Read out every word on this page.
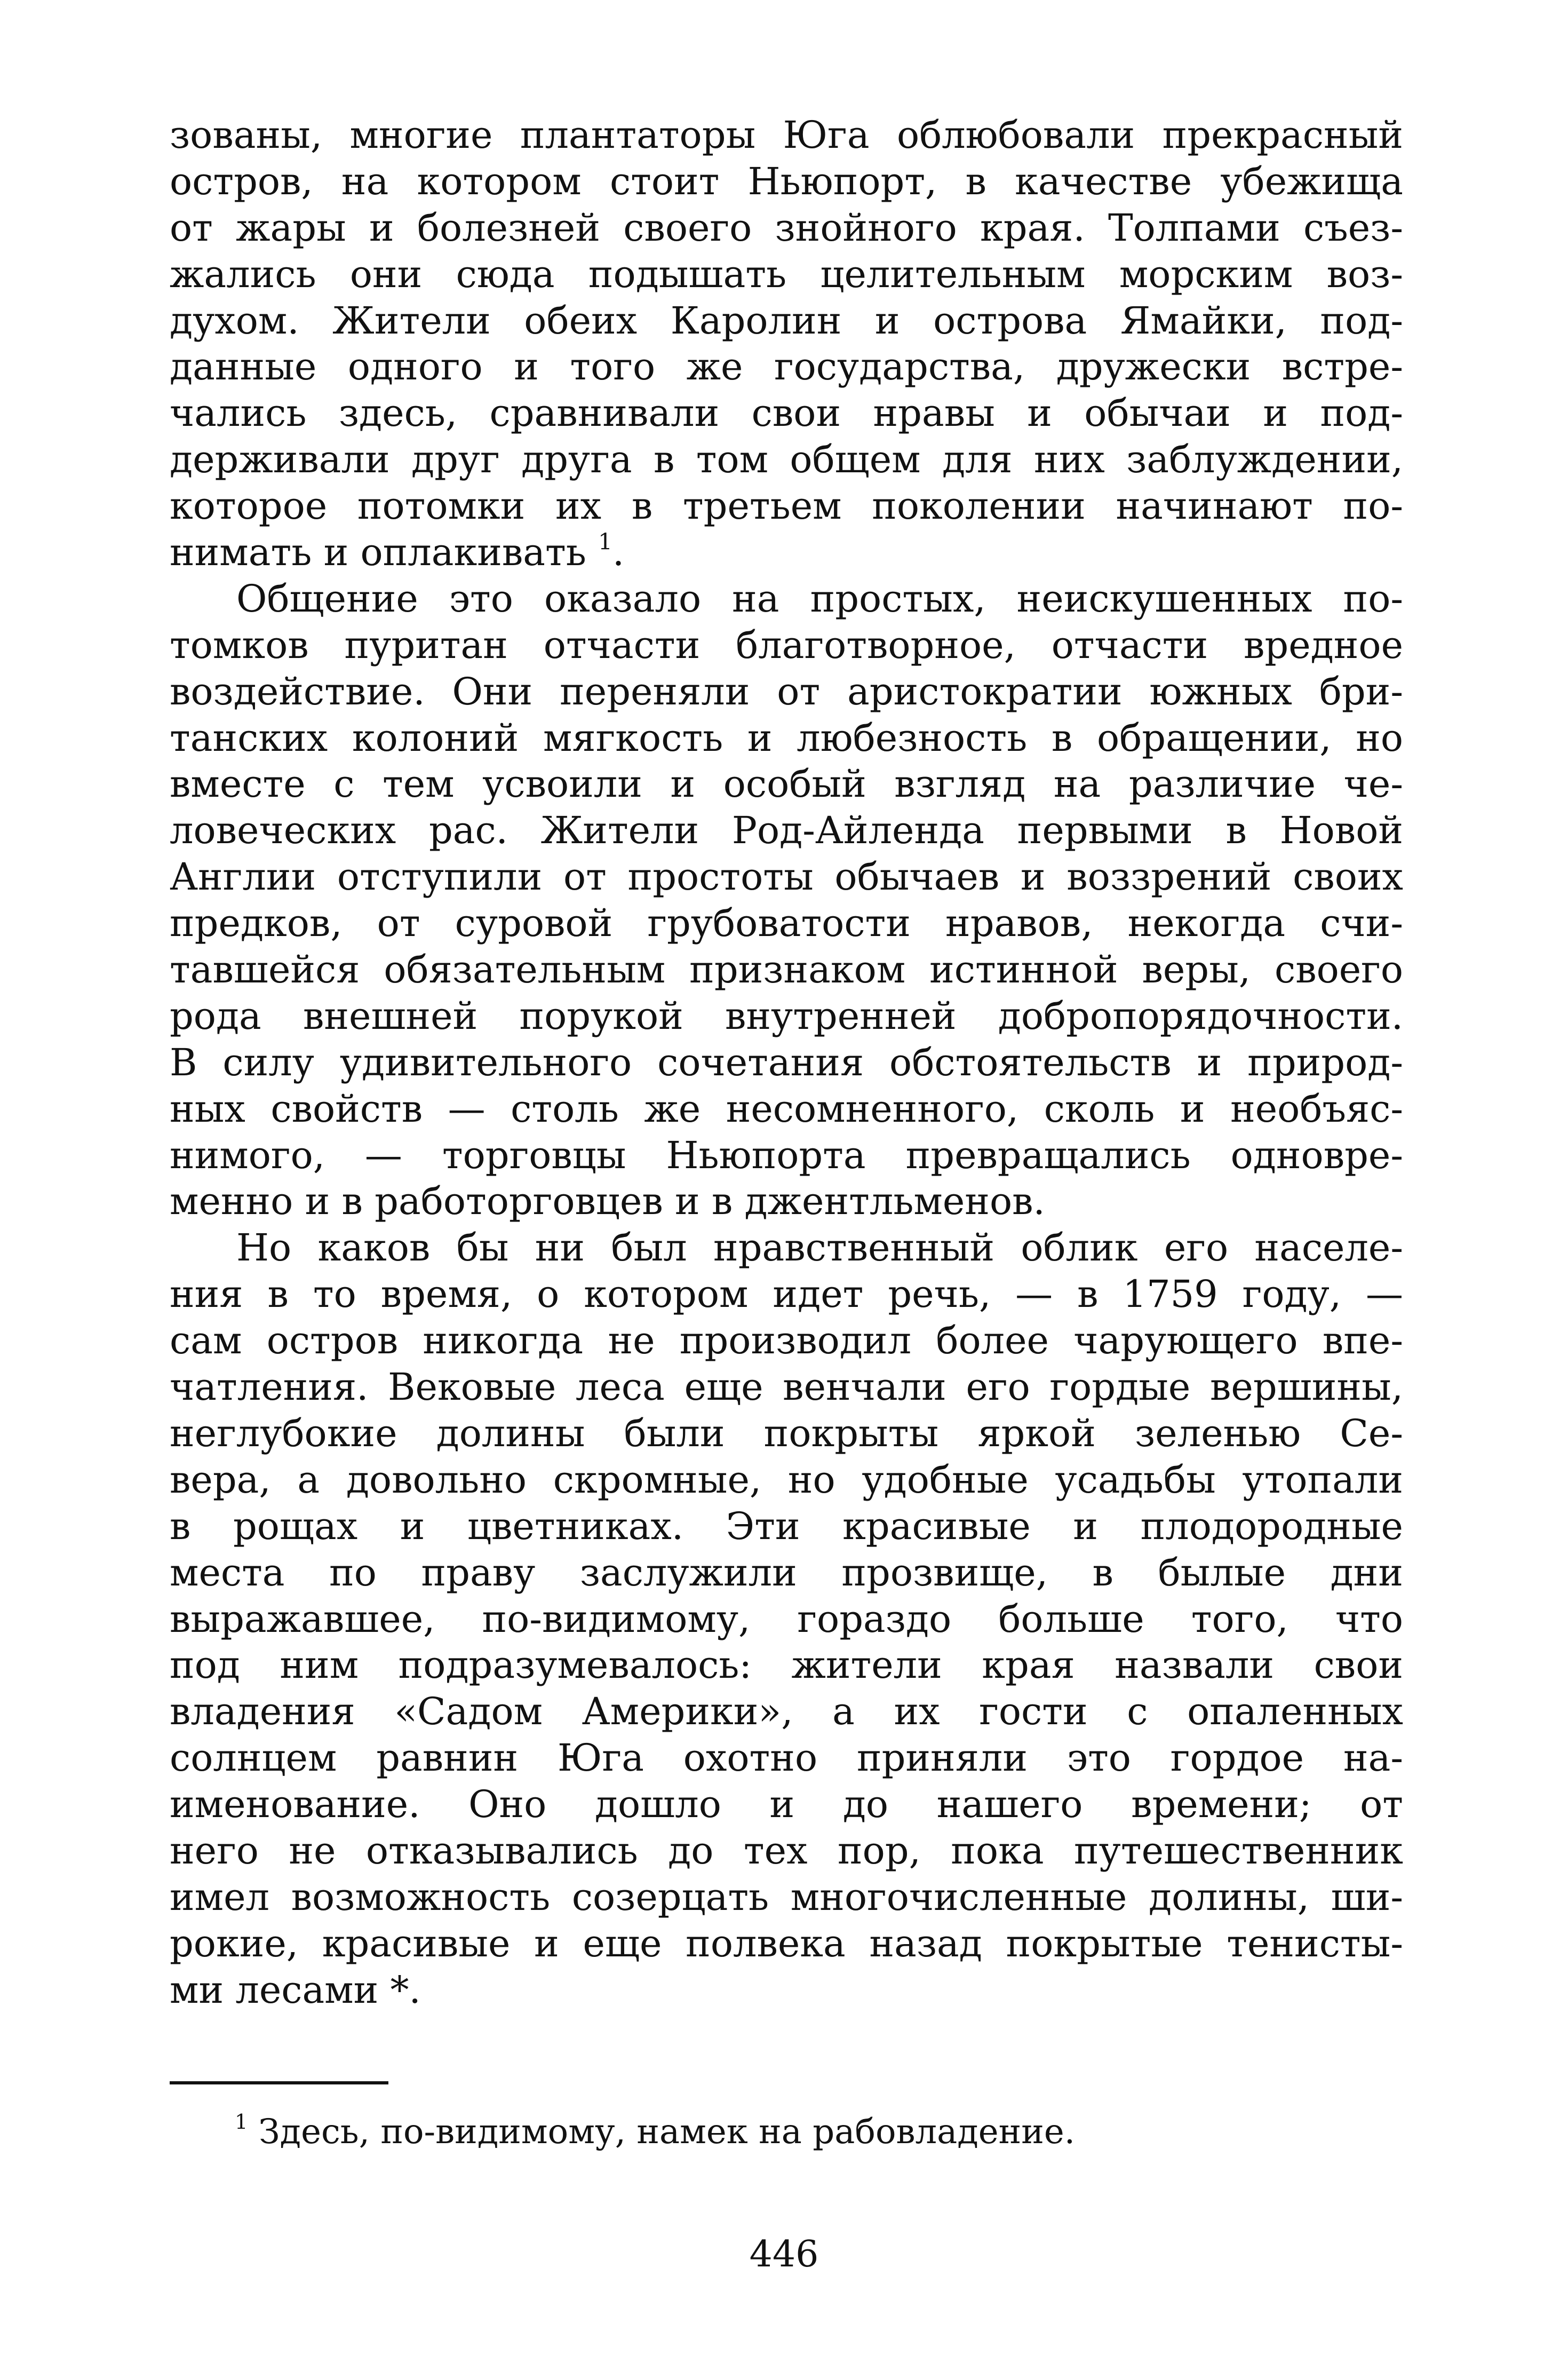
зованы, многие плантаторы Юга облюбовали прекрасный
остров, на котором стоит Ньюпорт, в качестве убежища
от жары и болезней своего знойного края. Толпами съез-
жались они сюда подышать целительным морским воз-
духом. Жители обеих Каролин и острова Ямайки, под-
данные одного и того же государства, дружески встре-
чались здесь, сравнивали свои нравы и обычаи и под-
держивали друг друга в том общем для них заблуждении,
которое потомки их в третьем поколении начинают по-
нимать и оплакивать $^1$.
Общение это оказало на простых, неискушенных по-
томков пуритан отчасти благотворное, отчасти вредное
воздействие. Они переняли от аристократии южных бри-
танских колоний мягкость и любезность в обращении, но
вместе с тем усвоили и особый взгляд на различие че-
ловеческих рас. Жители Род-Айленда первыми в Новой
Англии отступили от простоты обычаев и воззрений своих
предков, от суровой грубоватости нравов, некогда счи-
тавшейся обязательным признаком истинной веры, своего
рода внешней порукой внутренней добропорядочности.
В силу удивительного сочетания обстоятельств и природ-
ных свойств — столь же несомненного, сколь и необъяс-
нимого, — торговцы Ньюпорта превращались одновре-
менно и в работорговцев и в джентльменов.
Но каков бы ни был нравственный облик его населе-
ния в то время, о котором идет речь, — в 1759 году, —
сам остров никогда не производил более чарующего впе-
чатления. Вековые леса еще венчали его гордые вершины,
неглубокие долины были покрыты яркой зеленью Се-
вера, а довольно скромные, но удобные усадьбы утопали
в рощах и цветниках. Эти красивые и плодородные
места по праву заслужили прозвище, в былые дни
выражавшее, по-видимому, гораздо больше того, что
под ним подразумевалось: жители края назвали свои
владения «Садом Америки», а их гости с опаленных
солнцем равнин Юга охотно приняли это гордое на-
именование. Оно дошло и до нашего времени; от
него не отказывались до тех пор, пока путешественник
имел возможность созерцать многочисленные долины, ши-
рокие, красивые и еще полвека назад покрытые тенисты-
ми лесами *.
$^1$ Здесь, по-видимому, намек на рабовладение.
446
